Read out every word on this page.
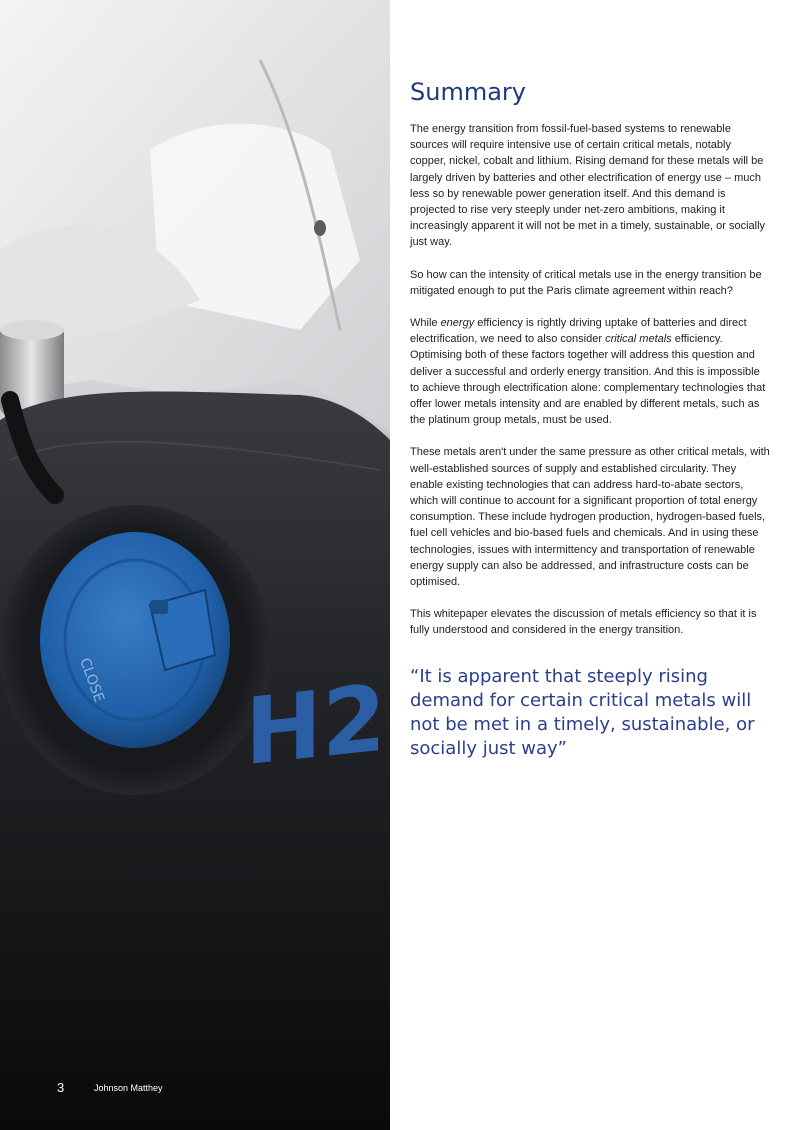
CLOSE H2
3	Johnson Matthey
Summary

The energy transition from fossil-fuel-based systems to renewable sources will require intensive use of certain critical metals, notably copper, nickel, cobalt and lithium. Rising demand for these metals will be largely driven by batteries and other electrification of energy use – much less so by renewable power generation itself. And this demand is projected to rise very steeply under net-zero ambitions, making it increasingly apparent it will not be met in a timely, sustainable, or socially just way.

So how can the intensity of critical metals use in the energy transition be mitigated enough to put the Paris climate agreement within reach?

While energy efficiency is rightly driving uptake of batteries and direct electrification, we need to also consider critical metals efficiency. Optimising both of these factors together will address this question and deliver a successful and orderly energy transition. And this is impossible to achieve through electrification alone: complementary technologies that offer lower metals intensity and are enabled by different metals, such as the platinum group metals, must be used.

These metals aren't under the same pressure as other critical metals, with well-established sources of supply and established circularity. They enable existing technologies that can address hard-to-abate sectors, which will continue to account for a significant proportion of total energy consumption. These include hydrogen production, hydrogen-based fuels, fuel cell vehicles and bio-based fuels and chemicals. And in using these technologies, issues with intermittency and transportation of renewable energy supply can also be addressed, and infrastructure costs can be optimised.

This whitepaper elevates the discussion of metals efficiency so that it is fully understood and considered in the energy transition.

“It is apparent that steeply rising demand for certain critical metals will not be met in a timely, sustainable, or socially just way”
